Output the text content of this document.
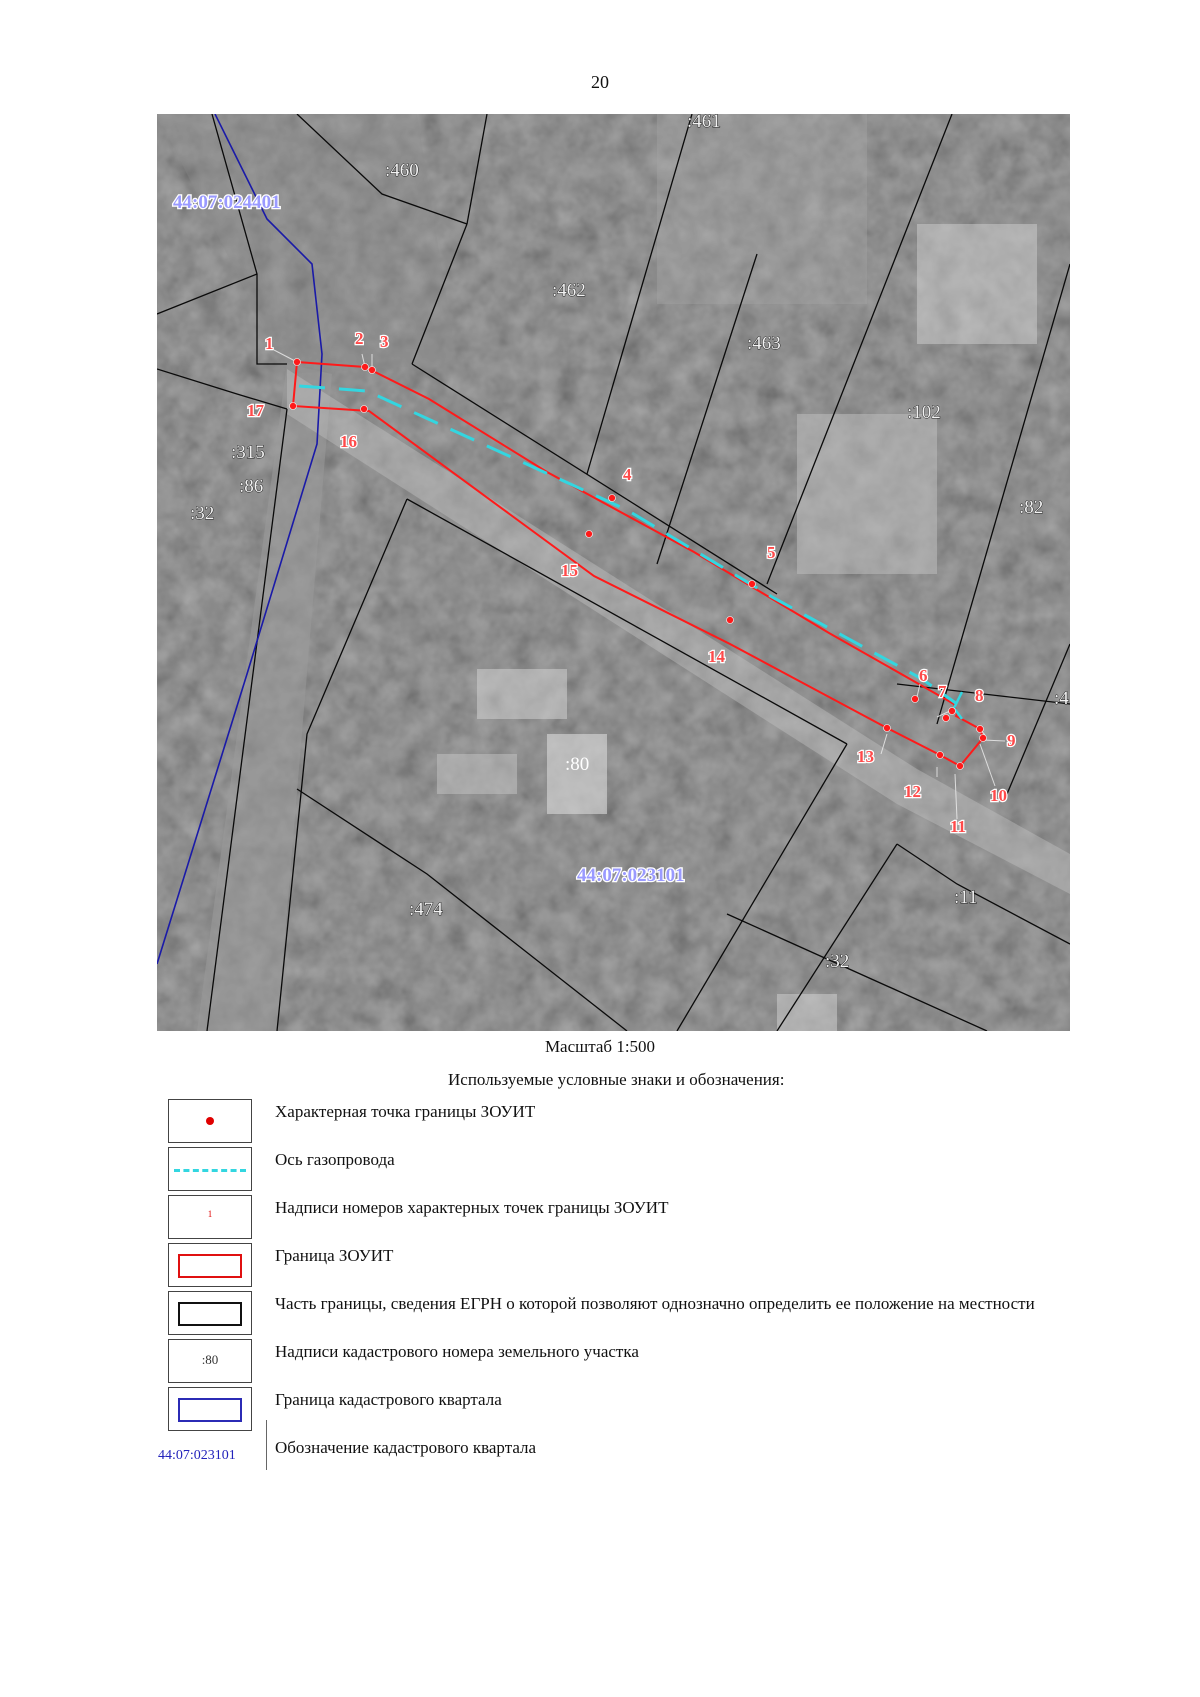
20
1	2 3
4
5
6
7 8
9
10
11
12
13
14
15
16
17
:460
:461
:462
:463
:102
:82
:315
:86
:32
:80
:474
:11
:32
:4
44:07:024401
44:07:023101
Масштаб 1:500
Используемые условные знаки и обозначения:
Характерная точка границы ЗОУИТ
Ось газопровода
1	Надписи номеров характерных точек границы ЗОУИТ
Граница ЗОУИТ
Часть границы, сведения ЕГРН о которой позволяют однозначно определить ее положение на местности
:80	Надписи кадастрового номера земельного участка
Граница кадастрового квартала
44:07:023101 Обозначение кадастрового квартала
